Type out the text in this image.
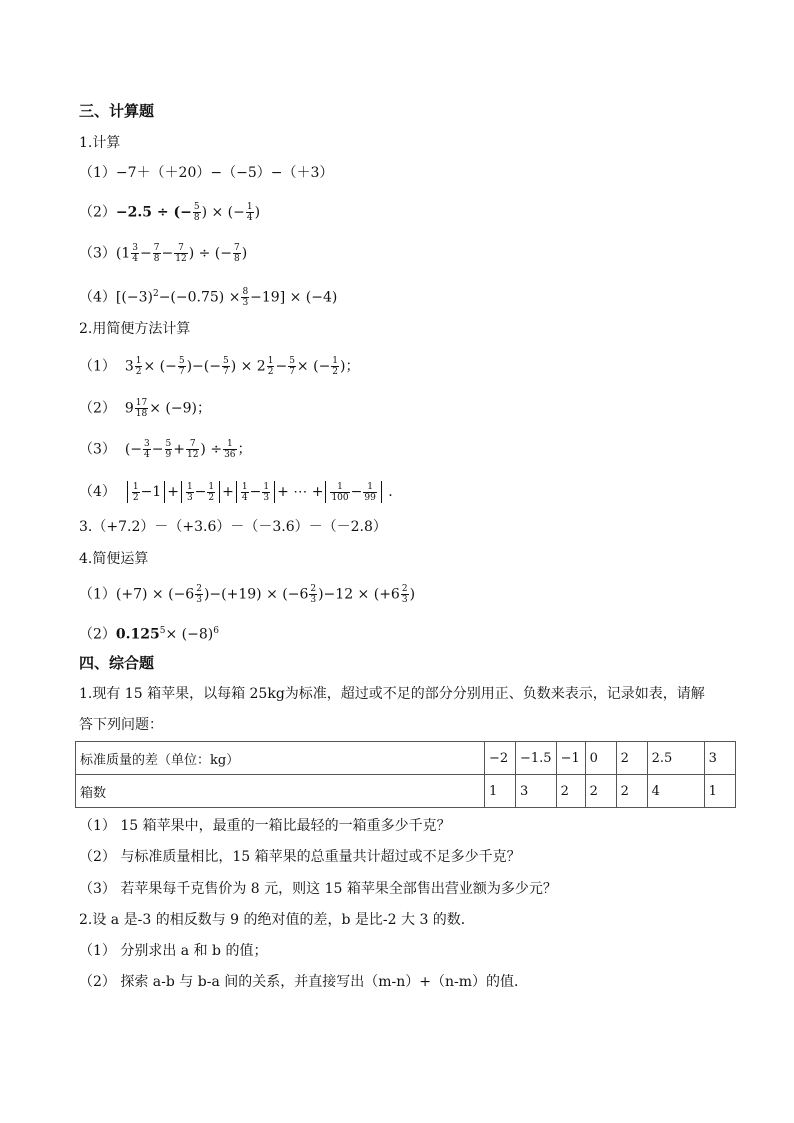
三、计算题
1.计算
（1）−7＋（＋20）−（−5）−（＋3）
（2）−2.5 ÷ (− $\frac{5}{8}$ ) × (− $\frac{1}{4}$ )
$(3)(1 \frac{3}{4} - \frac{7}{8} - \frac{7}{12}$ ) ÷ (− $\frac{7}{8}$ )
$(4)[(-3)^2-(-0.75) \times \frac{8}{3} -19] \times (-4)$
2.用简便方法计算
（1） $3 \frac{1}{2}$ × (− $\frac{5}{7}$ )−(− $\frac{5}{7}$ ) × $2 \frac{1}{2} - \frac{5}{7}$ × (− $\frac{1}{2}$ )；
（2） $9 \frac{17}{18} \times (-9)$；
（3） (− $\frac{3}{4} - \frac{5}{9} + \frac{7}{12}$ ) ÷ $\frac{1}{36}$ ；
$(4) \frac{1}{2} -1 + \frac{1}{3} - \frac{1}{2} + \frac{1}{4} - \frac{1}{3}$ + ⋯ + $\frac{1}{100} - \frac{1}{99}$ .
3.（+7.2）－（+3.6）－（－3.6）－（－2.8）
4.简便运算
$(1)(+7) \times (-6 \frac{2}{3} )-(+19) \times (-6 \frac{2}{3} )-12 \times (+6 \frac{2}{3}$ )
$(2)0.125^5\times (-8)^6$
四、综合题
1.现有 15 箱苹果，以每箱 25kg为标准，超过或不足的部分分别用正、负数来表示，记录如表，请解
答下列问题：
标准质量的差（单位：kg）	−2	−1.5	−1	0	2	2.5	3
箱数	1	3	2	2	2	4	1
（1） 15 箱苹果中，最重的一箱比最轻的一箱重多少千克？
（2） 与标准质量相比，15 箱苹果的总重量共计超过或不足多少千克？
（3） 若苹果每千克售价为 8 元，则这 15 箱苹果全部售出营业额为多少元？
2.设 a 是-3 的相反数与 9 的绝对值的差，b 是比-2 大 3 的数．
（1） 分别求出 a 和 b 的值；
（2） 探索 a-b 与 b-a 间的关系，并直接写出（m-n）+（n-m）的值．
